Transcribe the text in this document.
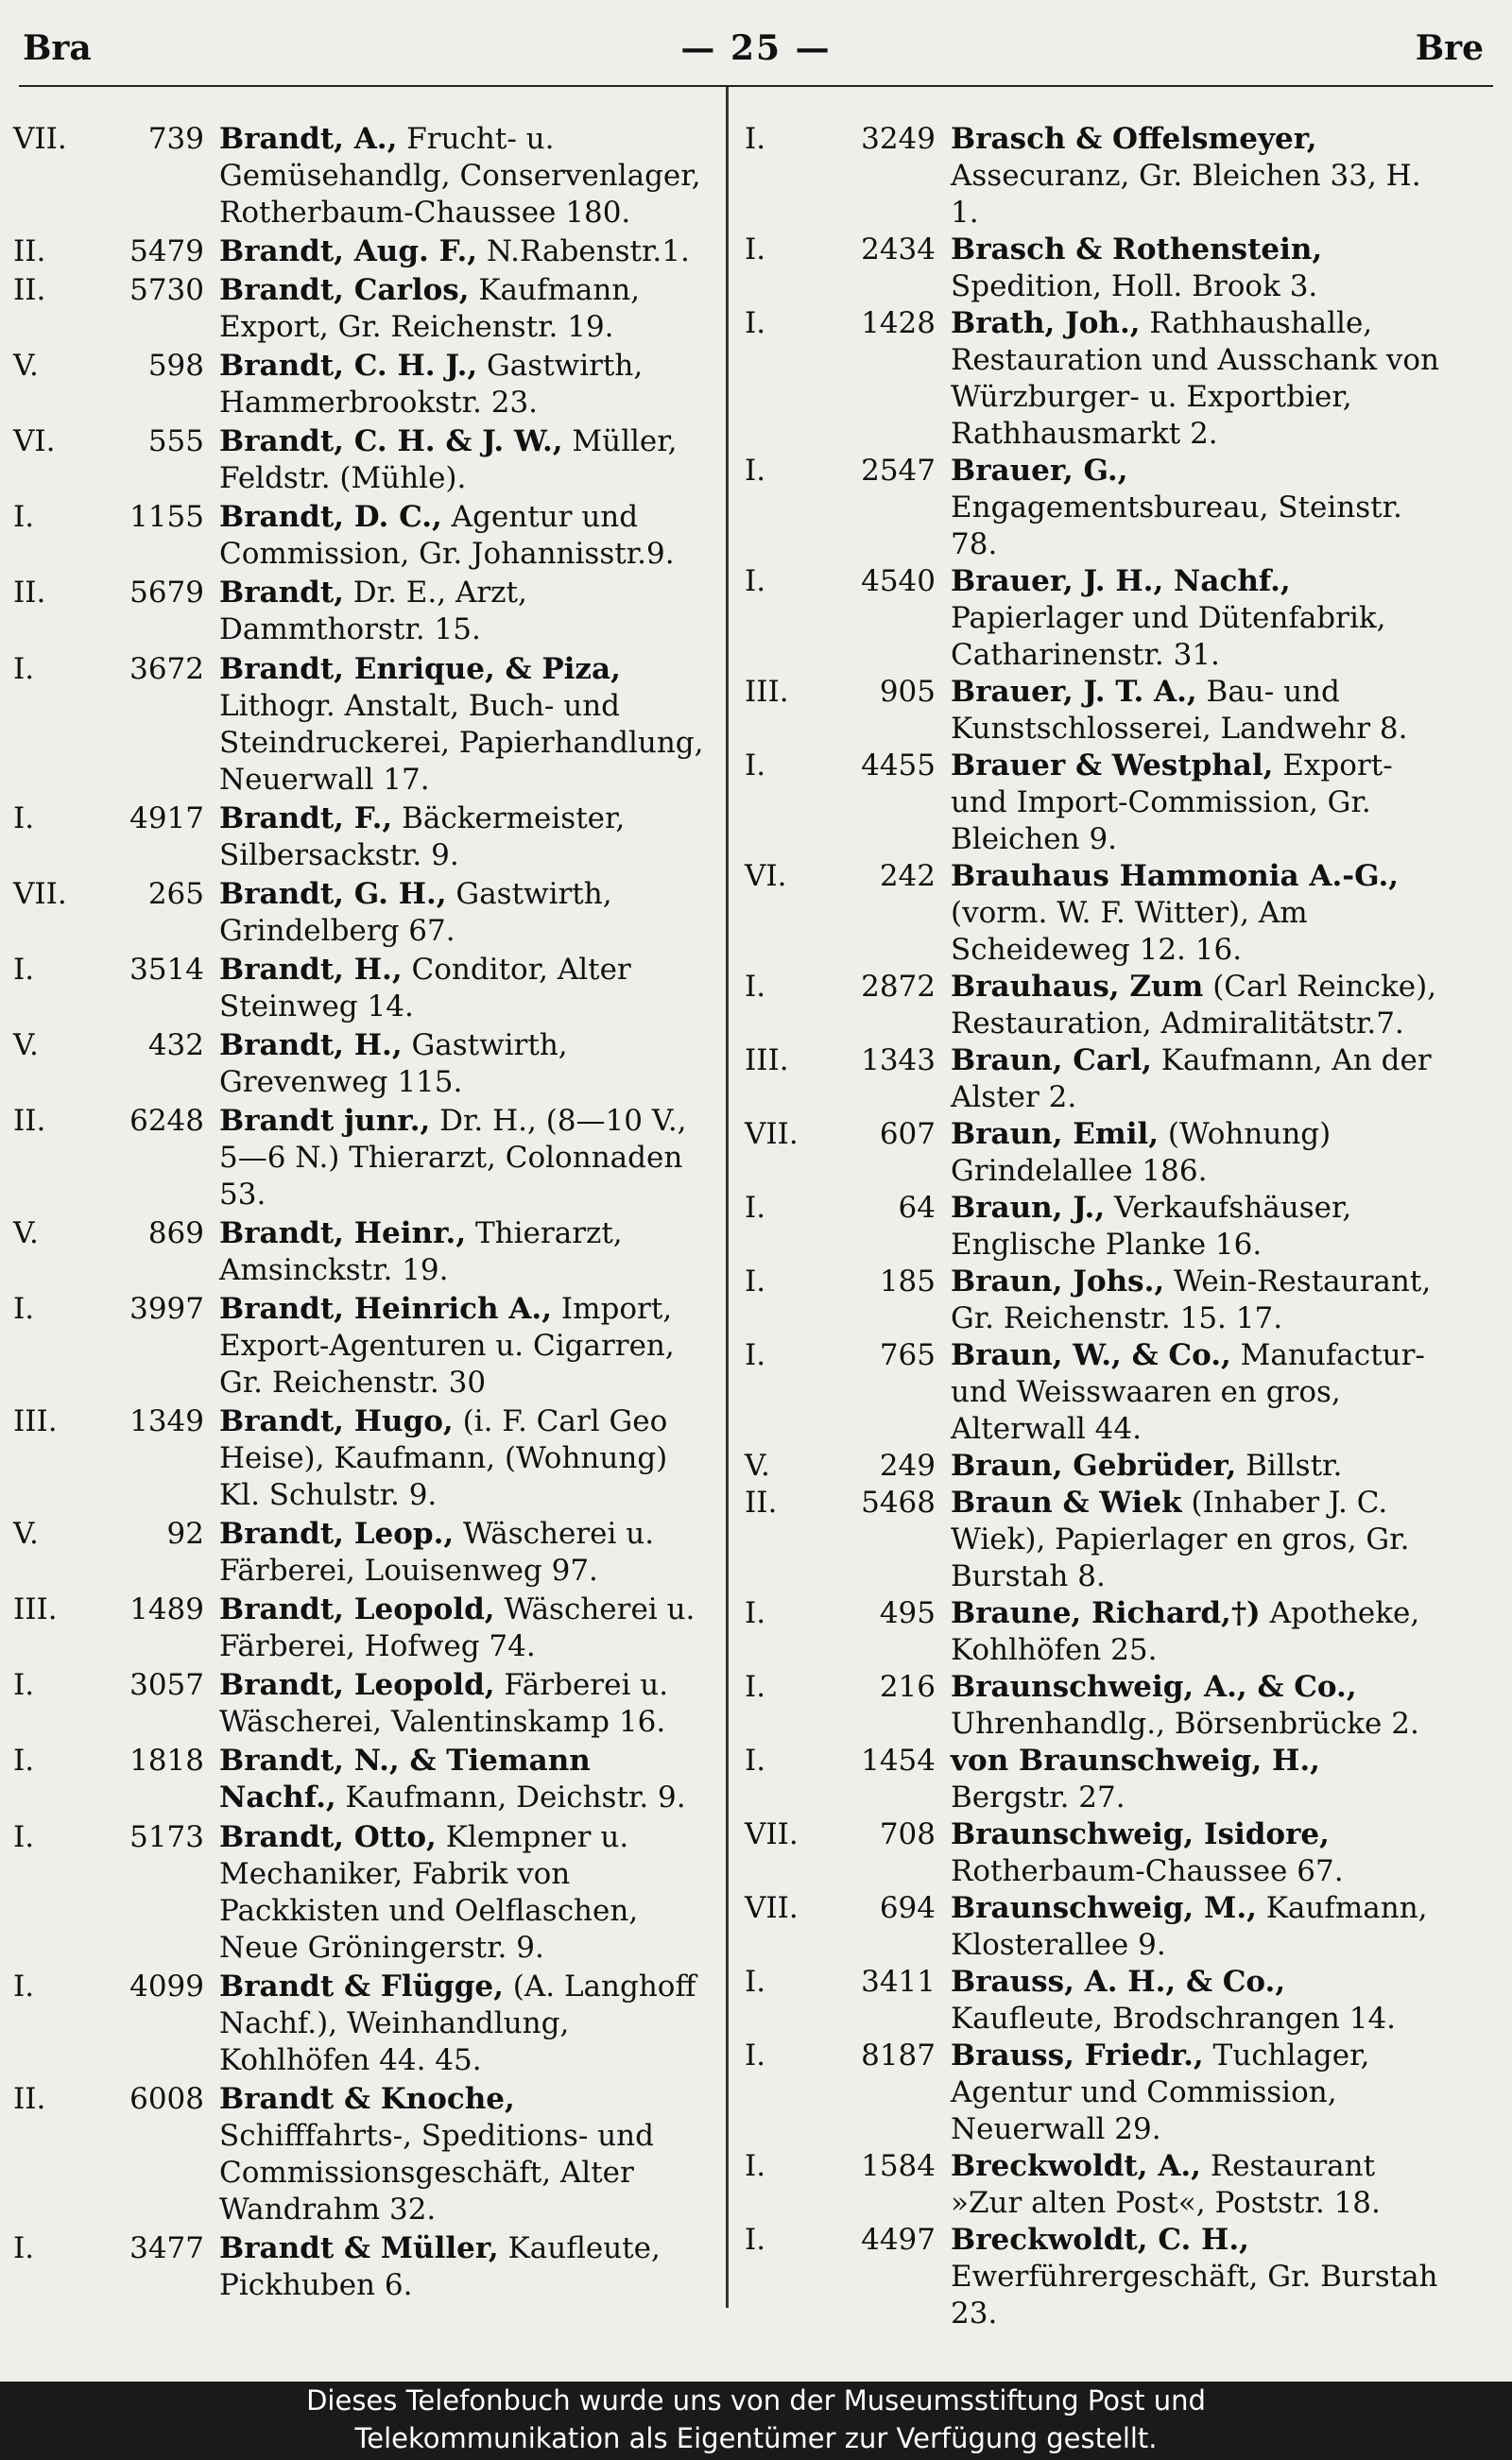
Bra	— 25 —	Bre
VII.	739 Brandt, A., Frucht- u. Gemüsehandlg, Conservenlager, Rotherbaum-Chaussee 180.
II.	5479 Brandt, Aug. F., N.Rabenstr.1.
II.	5730 Brandt, Carlos, Kaufmann, Export, Gr. Reichenstr. 19.
V.	598 Brandt, C. H. J., Gastwirth, Hammerbrookstr. 23.
VI.	555 Brandt, C. H. & J. W., Müller, Feldstr. (Mühle).
I.	1155 Brandt, D. C., Agentur und Commission, Gr. Johannisstr.9.
II.	5679 Brandt, Dr. E., Arzt, Dammthorstr. 15.
I.	3672 Brandt, Enrique, & Piza, Lithogr. Anstalt, Buch- und Steindruckerei, Papierhandlung, Neuerwall 17.
I.	4917 Brandt, F., Bäckermeister, Silbersackstr. 9.
VII.	265 Brandt, G. H., Gastwirth, Grindelberg 67.
I.	3514 Brandt, H., Conditor, Alter Steinweg 14.
V.	432 Brandt, H., Gastwirth, Grevenweg 115.
II.	6248 Brandt junr., Dr. H., (8—10 V., 5—6 N.) Thierarzt, Colonnaden 53.
V.	869 Brandt, Heinr., Thierarzt, Amsinckstr. 19.
I.	3997 Brandt, Heinrich A., Import, Export-Agenturen u. Cigarren, Gr. Reichenstr. 30
III.	1349 Brandt, Hugo, (i. F. Carl Geo Heise), Kaufmann, (Wohnung) Kl. Schulstr. 9.
V.	92 Brandt, Leop., Wäscherei u. Färberei, Louisenweg 97.
III.	1489 Brandt, Leopold, Wäscherei u. Färberei, Hofweg 74.
I.	3057 Brandt, Leopold, Färberei u. Wäscherei, Valentinskamp 16.
I.	1818 Brandt, N., & Tiemann Nachf., Kaufmann, Deichstr. 9.
I.	5173 Brandt, Otto, Klempner u. Mechaniker, Fabrik von Packkisten und Oelflaschen, Neue Gröningerstr. 9.
I.	4099 Brandt & Flügge, (A. Langhoff Nachf.), Weinhandlung, Kohlhöfen 44. 45.
II.	6008 Brandt & Knoche, Schifffahrts-, Speditions- und Commissionsgeschäft, Alter Wandrahm 32.
I.	3477 Brandt & Müller, Kaufleute, Pickhuben 6.
I.	3249 Brasch & Offelsmeyer, Assecuranz, Gr. Bleichen 33, H. 1.
I.	2434 Brasch & Rothenstein, Spedition, Holl. Brook 3.
I.	1428 Brath, Joh., Rathhaushalle, Restauration und Ausschank von Würzburger- u. Exportbier, Rathhausmarkt 2.
I.	2547 Brauer, G., Engagementsbureau, Steinstr. 78.
I.	4540 Brauer, J. H., Nachf., Papierlager und Dütenfabrik, Catharinenstr. 31.
III.	905 Brauer, J. T. A., Bau- und Kunstschlosserei, Landwehr 8.
I.	4455 Brauer & Westphal, Export- und Import-Commission, Gr. Bleichen 9.
VI.	242 Brauhaus Hammonia A.-G., (vorm. W. F. Witter), Am Scheideweg 12. 16.
I.	2872 Brauhaus, Zum (Carl Reincke), Restauration, Admiralitätstr.7.
III.	1343 Braun, Carl, Kaufmann, An der Alster 2.
VII.	607 Braun, Emil, (Wohnung) Grindelallee 186.
I.	64 Braun, J., Verkaufshäuser, Englische Planke 16.
I.	185 Braun, Johs., Wein-Restaurant, Gr. Reichenstr. 15. 17.
I.	765 Braun, W., & Co., Manufactur- und Weisswaaren en gros, Alterwall 44.
V.	249 Braun, Gebrüder, Billstr.
II.	5468 Braun & Wiek (Inhaber J. C. Wiek), Papierlager en gros, Gr. Burstah 8.
I.	495 Braune, Richard,†) Apotheke, Kohlhöfen 25.
I.	216 Braunschweig, A., & Co., Uhrenhandlg., Börsenbrücke 2.
I.	1454 von Braunschweig, H., Bergstr. 27.
VII.	708 Braunschweig, Isidore, Rotherbaum-Chaussee 67.
VII.	694 Braunschweig, M., Kaufmann, Klosterallee 9.
I.	3411 Brauss, A. H., & Co., Kaufleute, Brodschrangen 14.
I.	8187 Brauss, Friedr., Tuchlager, Agentur und Commission, Neuerwall 29.
I.	1584 Breckwoldt, A., Restaurant »Zur alten Post«, Poststr. 18.
I.	4497 Breckwoldt, C. H., Ewerführergeschäft, Gr. Burstah 23.
Dieses Telefonbuch wurde uns von der Museumsstiftung Post und
Telekommunikation als Eigentümer zur Verfügung gestellt.
